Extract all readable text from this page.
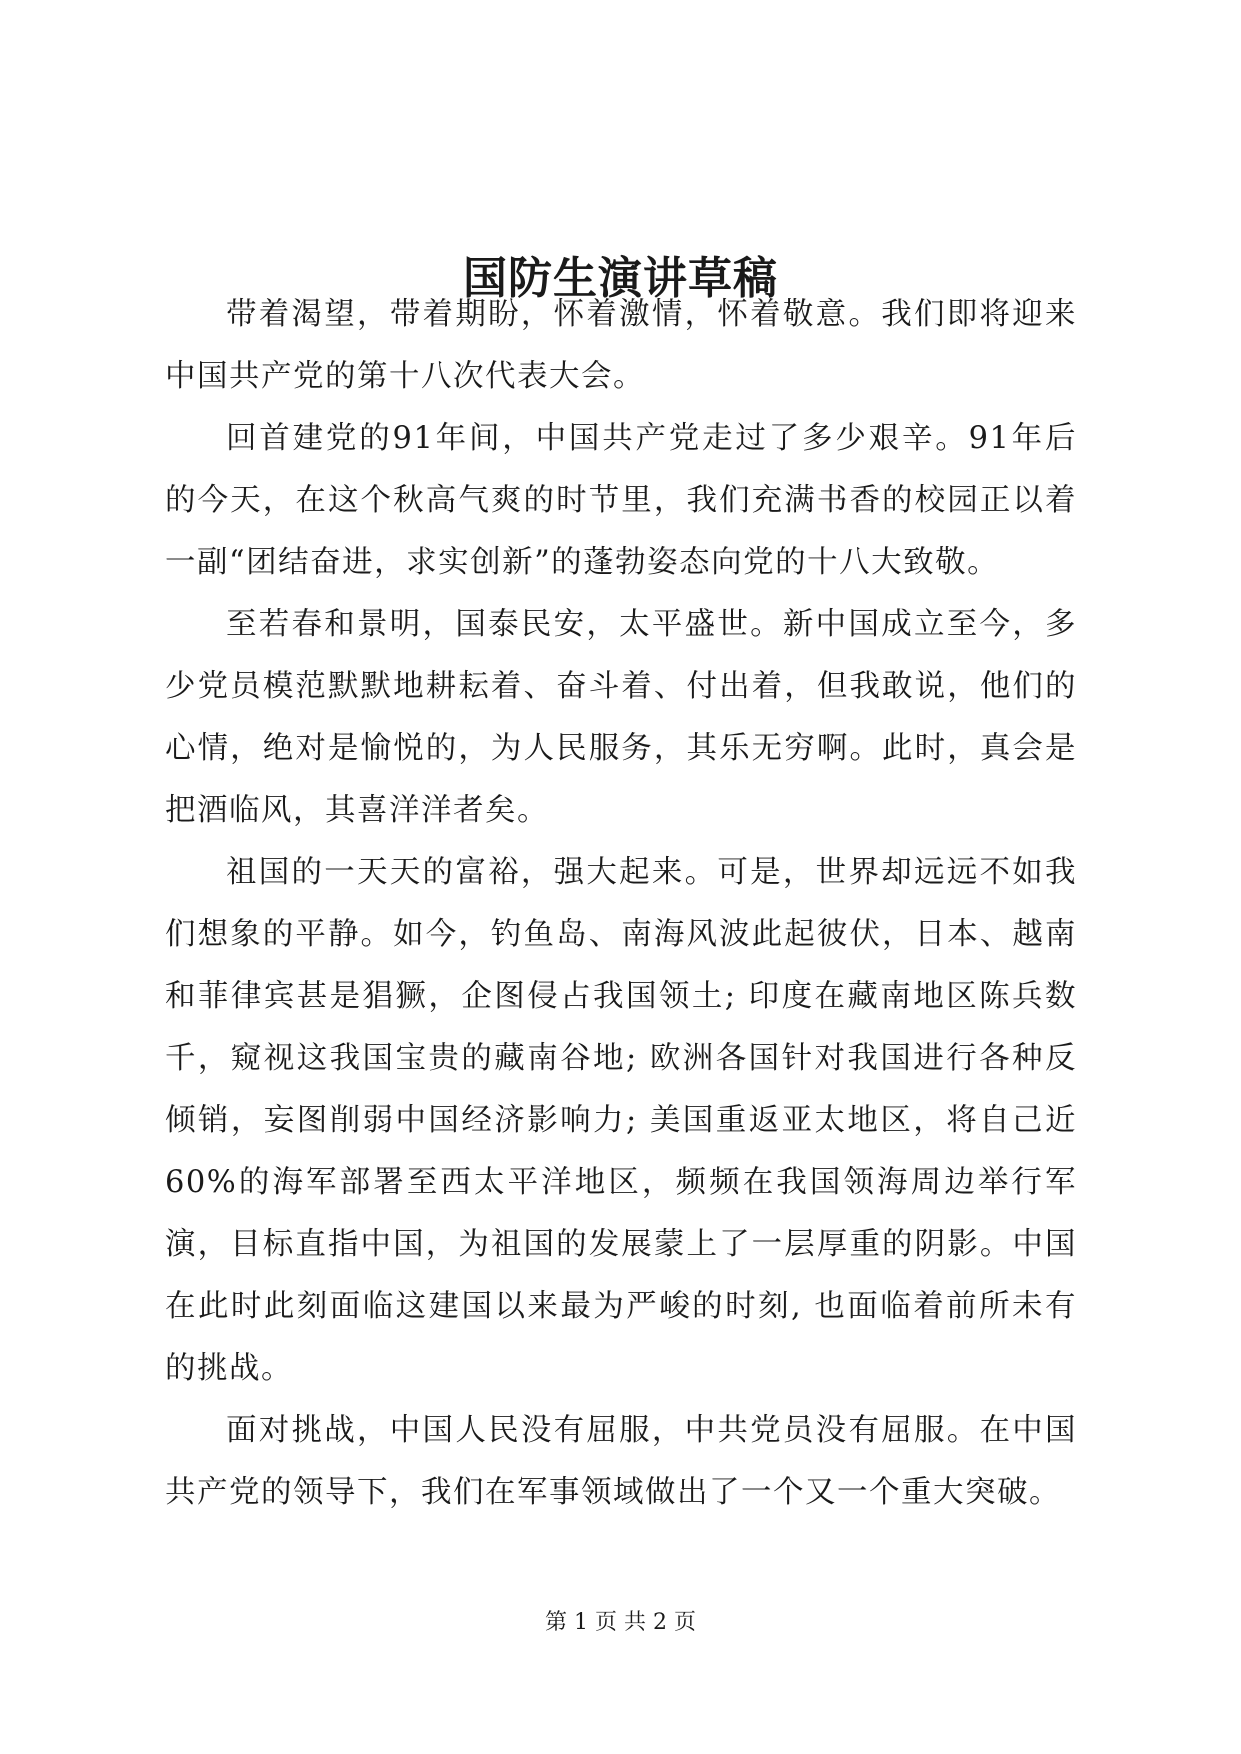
国防生演讲草稿

带着渴望，带着期盼，怀着激情，怀着敬意。我们即将迎来中国共产党的第十八次代表大会。

回首建党的91年间，中国共产党走过了多少艰辛。91年后的今天，在这个秋高气爽的时节里，我们充满书香的校园正以着一副“团结奋进，求实创新”的蓬勃姿态向党的十八大致敬。

至若春和景明，国泰民安，太平盛世。新中国成立至今，多少党员模范默默地耕耘着、奋斗着、付出着，但我敢说，他们的心情，绝对是愉悦的，为人民服务，其乐无穷啊。此时，真会是把酒临风，其喜洋洋者矣。

祖国的一天天的富裕，强大起来。可是，世界却远远不如我们想象的平静。如今，钓鱼岛、南海风波此起彼伏，日本、越南和菲律宾甚是猖獗，企图侵占我国领土; 印度在藏南地区陈兵数千，窥视这我国宝贵的藏南谷地; 欧洲各国针对我国进行各种反倾销，妄图削弱中国经济影响力; 美国重返亚太地区，将自己近60%的海军部署至西太平洋地区，频频在我国领海周边举行军演，目标直指中国，为祖国的发展蒙上了一层厚重的阴影。中国在此时此刻面临这建国以来最为严峻的时刻, 也面临着前所未有的挑战。

面对挑战，中国人民没有屈服，中共党员没有屈服。在中国共产党的领导下，我们在军事领域做出了一个又一个重大突破。

第 1 页 共 2 页
